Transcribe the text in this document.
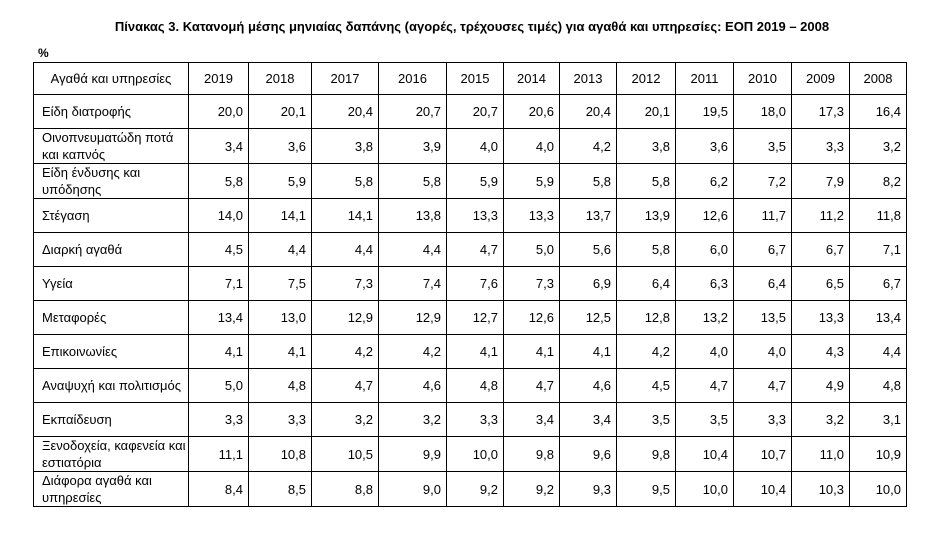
Πίνακας 3. Κατανομή μέσης μηνιαίας δαπάνης (αγορές, τρέχουσες τιμές) για αγαθά και υπηρεσίες: ΕΟΠ 2019 – 2008
%
Αγαθά και υπηρεσίες	2019	2018	2017	2016	2015	2014	2013	2012	2011	2010	2009	2008
Είδη διατροφής	20,0	20,1	20,4	20,7	20,7	20,6	20,4	20,1	19,5	18,0	17,3	16,4
Οινοπνευματώδη ποτά και καπνός	3,4	3,6	3,8	3,9	4,0	4,0	4,2	3,8	3,6	3,5	3,3	3,2
Είδη ένδυσης και υπόδησης	5,8	5,9	5,8	5,8	5,9	5,9	5,8	5,8	6,2	7,2	7,9	8,2
Στέγαση	14,0	14,1	14,1	13,8	13,3	13,3	13,7	13,9	12,6	11,7	11,2	11,8
Διαρκή αγαθά	4,5	4,4	4,4	4,4	4,7	5,0	5,6	5,8	6,0	6,7	6,7	7,1
Υγεία	7,1	7,5	7,3	7,4	7,6	7,3	6,9	6,4	6,3	6,4	6,5	6,7
Μεταφορές	13,4	13,0	12,9	12,9	12,7	12,6	12,5	12,8	13,2	13,5	13,3	13,4
Επικοινωνίες	4,1	4,1	4,2	4,2	4,1	4,1	4,1	4,2	4,0	4,0	4,3	4,4
Αναψυχή και πολιτισμός	5,0	4,8	4,7	4,6	4,8	4,7	4,6	4,5	4,7	4,7	4,9	4,8
Εκπαίδευση	3,3	3,3	3,2	3,2	3,3	3,4	3,4	3,5	3,5	3,3	3,2	3,1
Ξενοδοχεία, καφενεία και εστιατόρια	11,1	10,8	10,5	9,9	10,0	9,8	9,6	9,8	10,4	10,7	11,0	10,9
Διάφορα αγαθά και υπηρεσίες	8,4	8,5	8,8	9,0	9,2	9,2	9,3	9,5	10,0	10,4	10,3	10,0
